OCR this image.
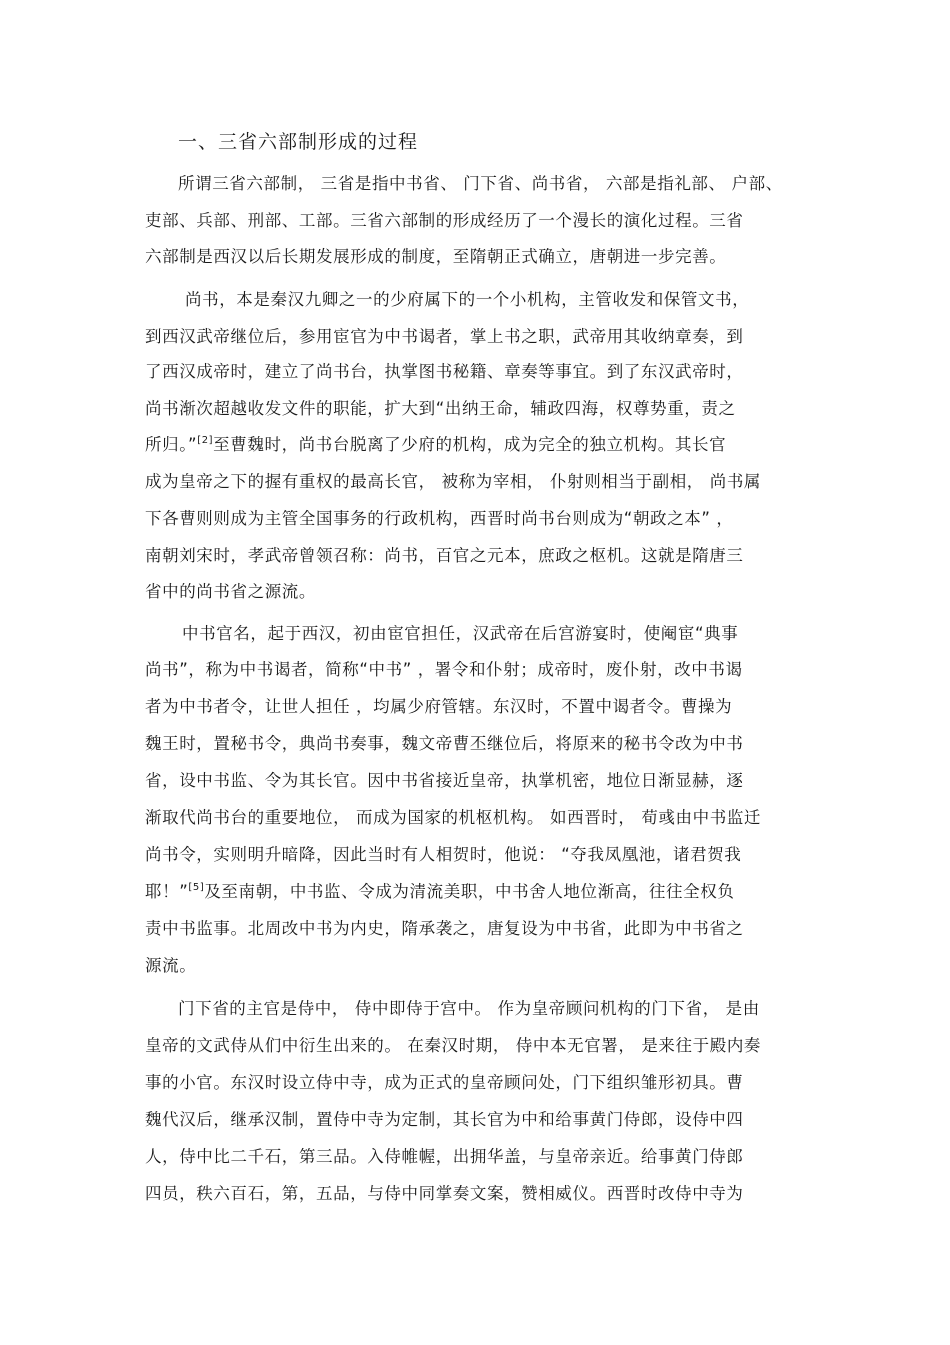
一、三省六部制形成的过程
所谓三省六部制， 三省是指中书省、 门下省、尚书省， 六部是指礼部、 户部、
吏部、兵部、刑部、工部。三省六部制的形成经历了一个漫长的演化过程。三省
六部制是西汉以后长期发展形成的制度，至隋朝正式确立，唐朝进一步完善。
尚书，本是秦汉九卿之一的少府属下的一个小机构，主管收发和保管文书，
到西汉武帝继位后，参用宦官为中书谒者，掌上书之职，武帝用其收纳章奏，到
了西汉成帝时，建立了尚书台，执掌图书秘籍、章奏等事宜。到了东汉武帝时，
尚书渐次超越收发文件的职能，扩大到“出纳王命，辅政四海，权尊势重，责之
所归。”[2]至曹魏时，尚书台脱离了少府的机构，成为完全的独立机构。其长官
成为皇帝之下的握有重权的最高长官， 被称为宰相， 仆射则相当于副相， 尚书属
下各曹则则成为主管全国事务的行政机构，西晋时尚书台则成为“朝政之本” ，
南朝刘宋时，孝武帝曾领召称：尚书，百官之元本，庶政之枢机。这就是隋唐三
省中的尚书省之源流。
中书官名，起于西汉，初由宦官担任，汉武帝在后宫游宴时，使阉宦“典事
尚书”，称为中书谒者，简称“中书” ，署令和仆射；成帝时，废仆射，改中书谒
者为中书者令，让世人担任 ，均属少府管辖。东汉时，不置中谒者令。曹操为
魏王时，置秘书令，典尚书奏事，魏文帝曹丕继位后，将原来的秘书令改为中书
省，设中书监、令为其长官。因中书省接近皇帝，执掌机密，地位日渐显赫，逐
渐取代尚书台的重要地位， 而成为国家的机枢机构。 如西晋时， 荀彧由中书监迁
尚书令，实则明升暗降，因此当时有人相贺时，他说： “夺我凤凰池，诸君贺我
耶！”[5]及至南朝，中书监、令成为清流美职，中书舍人地位渐高，往往全权负
责中书监事。北周改中书为内史，隋承袭之，唐复设为中书省，此即为中书省之
源流。
门下省的主官是侍中， 侍中即侍于宫中。 作为皇帝顾问机构的门下省， 是由
皇帝的文武侍从们中衍生出来的。 在秦汉时期， 侍中本无官署， 是来往于殿内奏
事的小官。东汉时设立侍中寺，成为正式的皇帝顾问处，门下组织雏形初具。曹
魏代汉后，继承汉制，置侍中寺为定制，其长官为中和给事黄门侍郎，设侍中四
人，侍中比二千石，第三品。入侍帷幄，出拥华盖，与皇帝亲近。给事黄门侍郎
四员，秩六百石，第，五品，与侍中同掌奏文案，赞相威仪。西晋时改侍中寺为
